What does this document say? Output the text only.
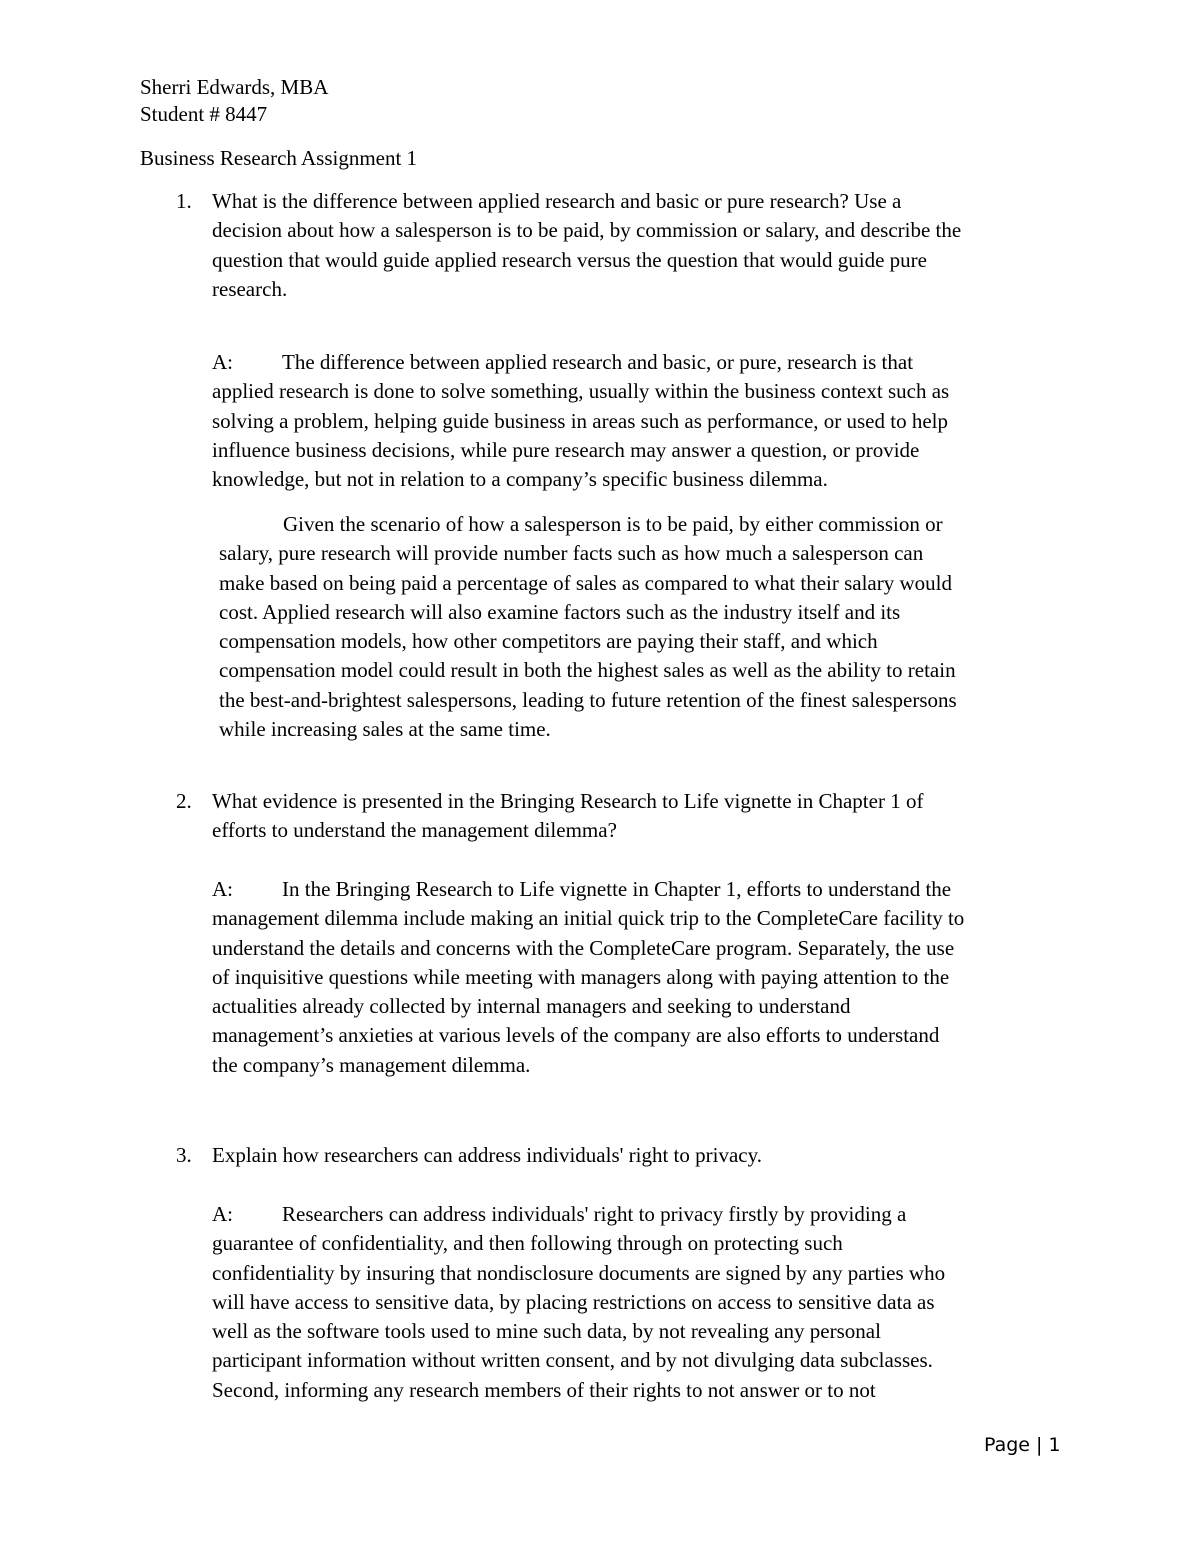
Sherri Edwards, MBA
Student # 8447
Business Research Assignment 1
1. What is the difference between applied research and basic or pure research? Use a

decision about how a salesperson is to be paid, by commission or salary, and describe the

question that would guide applied research versus the question that would guide pure

research.

A: The difference between applied research and basic, or pure, research is that

applied research is done to solve something, usually within the business context such as

solving a problem, helping guide business in areas such as performance, or used to help

influence business decisions, while pure research may answer a question, or provide

knowledge, but not in relation to a company’s specific business dilemma.

Given the scenario of how a salesperson is to be paid, by either commission or

salary, pure research will provide number facts such as how much a salesperson can

make based on being paid a percentage of sales as compared to what their salary would

cost. Applied research will also examine factors such as the industry itself and its

compensation models, how other competitors are paying their staff, and which

compensation model could result in both the highest sales as well as the ability to retain

the best-and-brightest salespersons, leading to future retention of the finest salespersons

while increasing sales at the same time.

2. What evidence is presented in the Bringing Research to Life vignette in Chapter 1 of

efforts to understand the management dilemma?

A: In the Bringing Research to Life vignette in Chapter 1, efforts to understand the

management dilemma include making an initial quick trip to the CompleteCare facility to

understand the details and concerns with the CompleteCare program. Separately, the use

of inquisitive questions while meeting with managers along with paying attention to the

actualities already collected by internal managers and seeking to understand

management’s anxieties at various levels of the company are also efforts to understand

the company’s management dilemma.

3. Explain how researchers can address individuals' right to privacy.

A: Researchers can address individuals' right to privacy firstly by providing a

guarantee of confidentiality, and then following through on protecting such

confidentiality by insuring that nondisclosure documents are signed by any parties who

will have access to sensitive data, by placing restrictions on access to sensitive data as

well as the software tools used to mine such data, by not revealing any personal

participant information without written consent, and by not divulging data subclasses.

Second, informing any research members of their rights to not answer or to not

Page | 1
